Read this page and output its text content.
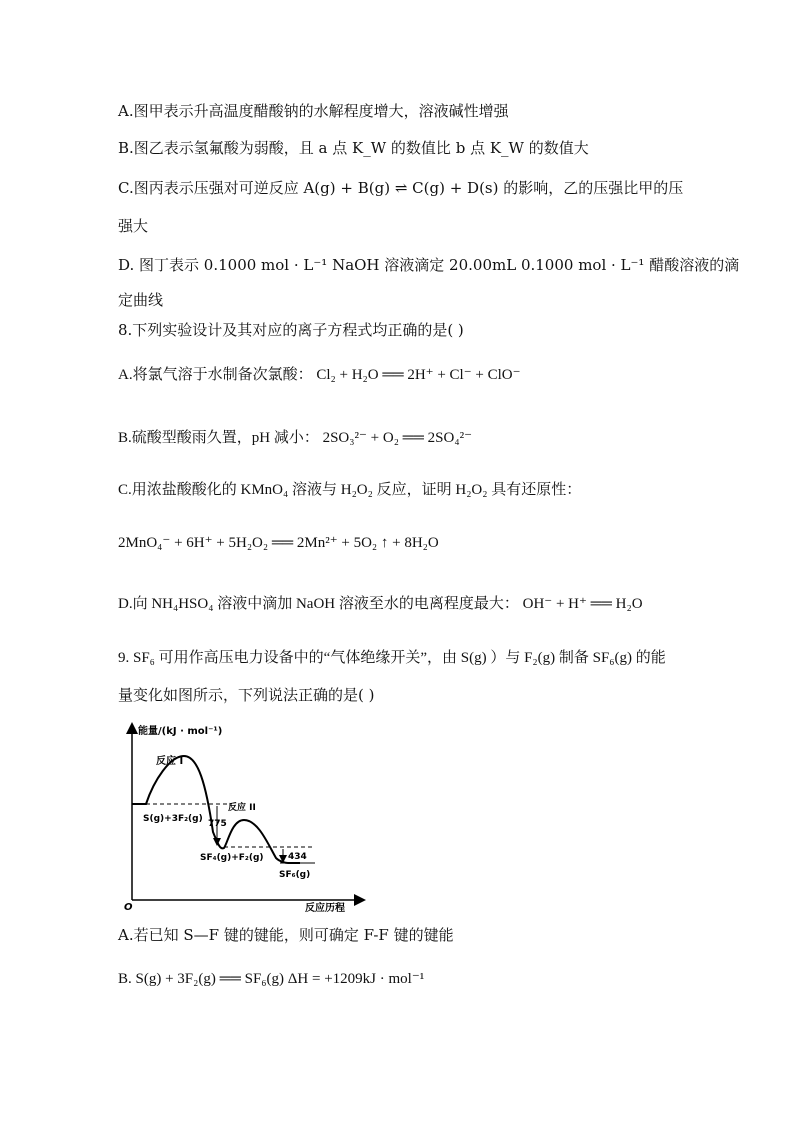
A.图甲表示升高温度醋酸钠的水解程度增大，溶液碱性增强
B.图乙表示氢氟酸为弱酸，且 a 点 K_W 的数值比 b 点 K_W 的数值大
C.图丙表示压强对可逆反应 A(g) + B(g) ⇌ C(g) + D(s) 的影响，乙的压强比甲的压
强大
D. 图丁表示 0.1000 mol · L⁻¹ NaOH 溶液滴定 20.00mL 0.1000 mol · L⁻¹ 醋酸溶液的滴
定曲线
8.下列实验设计及其对应的离子方程式均正确的是( )
A.将氯气溶于水制备次氯酸： Cl₂ + H₂O ══ 2H⁺ + Cl⁻ + ClO⁻
B.硫酸型酸雨久置，pH 减小： 2SO₃²⁻ + O₂ ══ 2SO₄²⁻
C.用浓盐酸酸化的 KMnO₄ 溶液与 H₂O₂ 反应，证明 H₂O₂ 具有还原性：
2MnO₄⁻ + 6H⁺ + 5H₂O₂ ══ 2Mn²⁺ + 5O₂ ↑ + 8H₂O
D.向 NH₄HSO₄ 溶液中滴加 NaOH 溶液至水的电离程度最大： OH⁻ + H⁺ ══ H₂O
9. SF₆ 可用作高压电力设备中的“气体绝缘开关”，由 S(g) ）与 F₂(g) 制备 SF₆(g) 的能
量变化如图所示，下列说法正确的是( )
A.若已知 S—F 键的键能，则可确定 F-F 键的键能
B. S(g) + 3F₂(g) ══ SF₆(g) ΔH = +1209kJ · mol⁻¹
能量/(kJ · mol⁻¹)
反应历程
O
反应 I
反应 II
S(g)+3F₂(g) 775
SF₄(g)+F₂(g)	434
SF₆(g)
